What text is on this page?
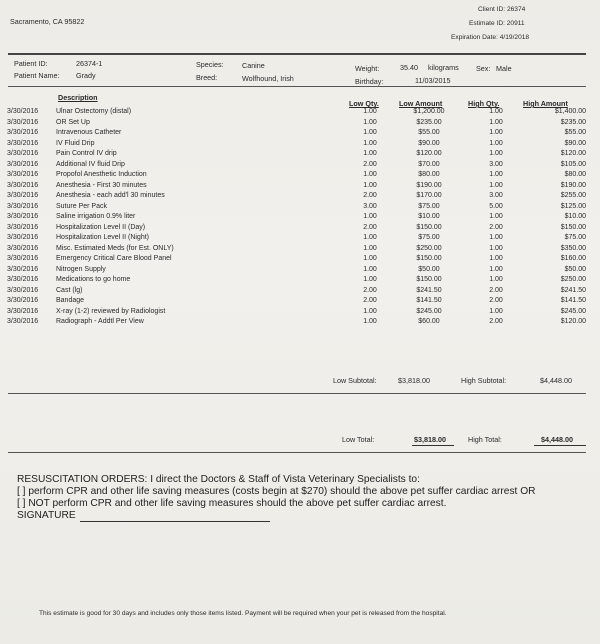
Sacramento, CA 95822
Client ID: 26374
Estimate ID: 20911
Expiration Date: 4/19/2018
Patient ID:	26374-1
Patient Name: Grady
Species:	Canine
Breed:	Wolfhound, Irish
Weight:	35.40 kilograms Sex: Male
Birthday:	11/03/2015
Description
Low Qty.	Low Amount	High Qty.	High Amount
3/30/2016	Ulnar Ostectomy (distal)	1.00	$1,200.00	1.00	$1,400.00
3/30/2016	OR Set Up	1.00	$235.00	1.00	$235.00
3/30/2016	Intravenous Catheter	1.00	$55.00	1.00	$55.00
3/30/2016	IV Fluid Drip	1.00	$90.00	1.00	$90.00
3/30/2016	Pain Control IV drip	1.00	$120.00	1.00	$120.00
3/30/2016	Additional IV fluid Drip	2.00	$70.00	3.00	$105.00
3/30/2016	Propofol Anesthetic Induction	1.00	$80.00	1.00	$80.00
3/30/2016	Anesthesia - First 30 minutes	1.00	$190.00	1.00	$190.00
3/30/2016	Anesthesia - each add'l 30 minutes	2.00	$170.00	3.00	$255.00
3/30/2016	Suture Per Pack	3.00	$75.00	5.00	$125.00
3/30/2016	Saline irrigation 0.9% liter	1.00	$10.00	1.00	$10.00
3/30/2016	Hospitalization Level II (Day)	2.00	$150.00	2.00	$150.00
3/30/2016	Hospitalization Level II (Night)	1.00	$75.00	1.00	$75.00
3/30/2016	Misc. Estimated Meds (for Est. ONLY)	1.00	$250.00	1.00	$350.00
3/30/2016	Emergency Critical Care Blood Panel	1.00	$150.00	1.00	$160.00
3/30/2016	Nitrogen Supply	1.00	$50.00	1.00	$50.00
3/30/2016	Medications to go home	1.00	$150.00	1.00	$250.00
3/30/2016	Cast (lg)	2.00	$241.50	2.00	$241.50
3/30/2016	Bandage	2.00	$141.50	2.00	$141.50
3/30/2016	X-ray (1-2) reviewed by Radiologist	1.00	$245.00	1.00	$245.00
3/30/2016	Radiograph - Addtl Per View	1.00	$60.00	2.00	$120.00
Low Subtotal:	$3,818.00	High Subtotal:	$4,448.00
Low Total:	$3,818.00	High Total:	$4,448.00
RESUSCITATION ORDERS: I direct the Doctors & Staff of Vista Veterinary Specialists to:
[ ] perform CPR and other life saving measures (costs begin at $270) should the above pet suffer cardiac arrest OR
[ ] NOT perform CPR and other life saving measures should the above pet suffer cardiac arrest.
SIGNATURE
This estimate is good for 30 days and includes only those items listed. Payment will be required when your pet is released from the hospital.
